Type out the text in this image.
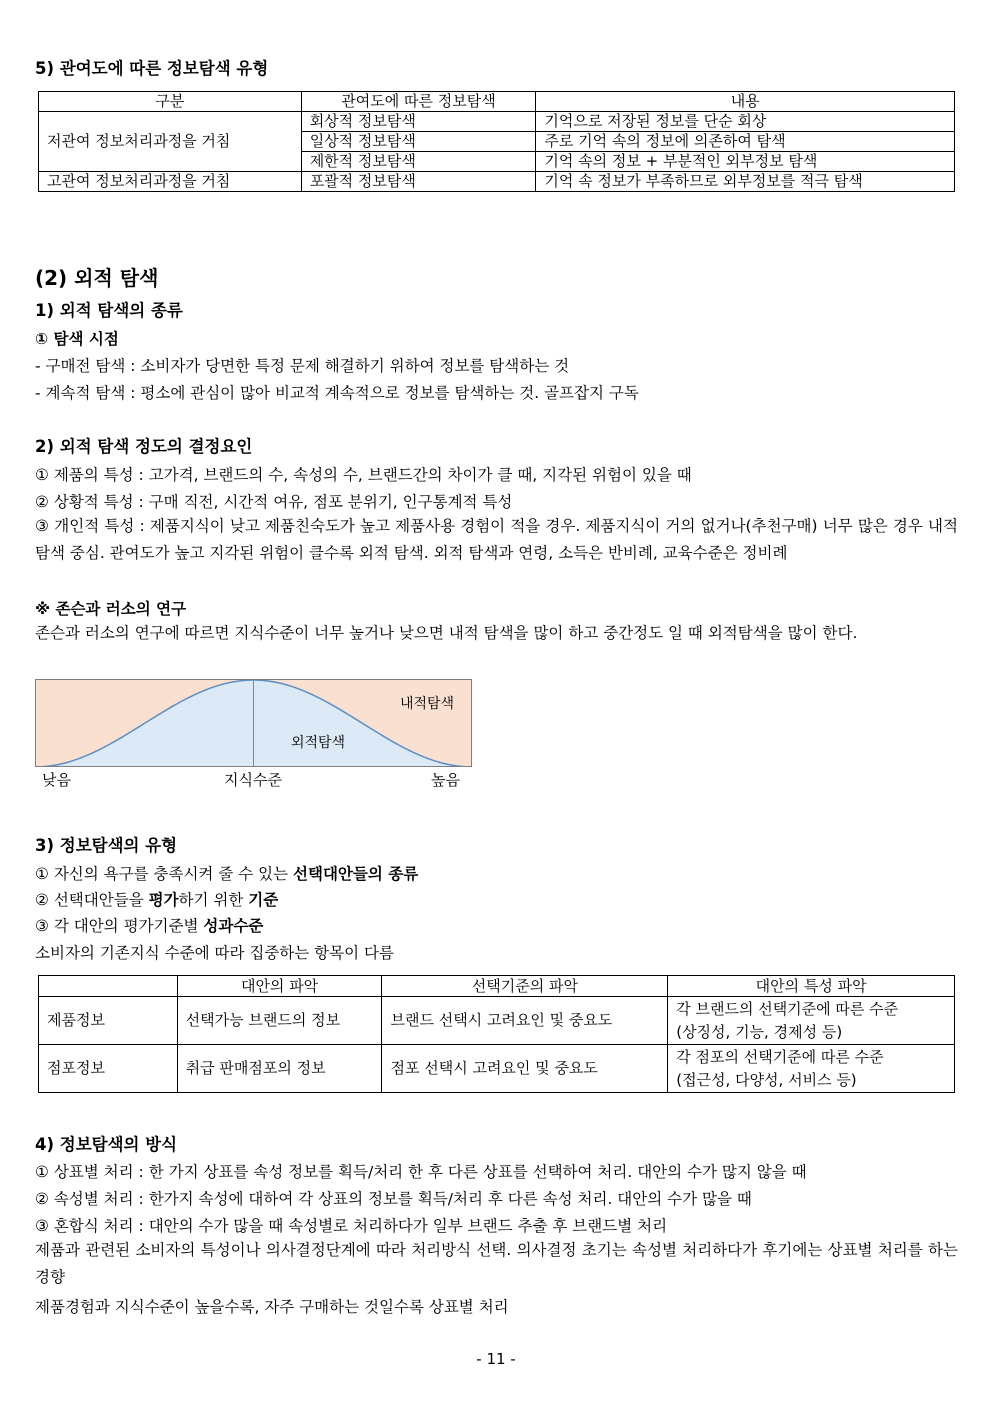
5) 관여도에 따른 정보탐색 유형
구분	관여도에 따른 정보탐색	내용
저관여 정보처리과정을 거침	회상적 정보탐색	기억으로 저장된 정보를 단순 회상
	일상적 정보탐색	주로 기억 속의 정보에 의존하여 탐색
	제한적 정보탐색	기억 속의 정보 + 부분적인 외부정보 탐색
고관여 정보처리과정을 거침	포괄적 정보탐색	기억 속 정보가 부족하므로 외부정보를 적극 탐색
(2) 외적 탐색
1) 외적 탐색의 종류
① 탐색 시점
- 구매전 탐색 : 소비자가 당면한 특정 문제 해결하기 위하여 정보를 탐색하는 것
- 계속적 탐색 : 평소에 관심이 많아 비교적 계속적으로 정보를 탐색하는 것. 골프잡지 구독
2) 외적 탐색 정도의 결정요인
① 제품의 특성 : 고가격, 브랜드의 수, 속성의 수, 브랜드간의 차이가 클 때, 지각된 위험이 있을 때
② 상황적 특성 : 구매 직전, 시간적 여유, 점포 분위기, 인구통계적 특성
③ 개인적 특성 : 제품지식이 낮고 제품친숙도가 높고 제품사용 경험이 적을 경우. 제품지식이 거의 없거나(추천구매) 너무 많은 경우 내적 탐색 중심. 관여도가 높고 지각된 위험이 클수록 외적 탐색. 외적 탐색과 연령, 소득은 반비례, 교육수준은 정비례
※ 존슨과 러소의 연구
존슨과 러소의 연구에 따르면 지식수준이 너무 높거나 낮으면 내적 탐색을 많이 하고 중간정도 일 때 외적탐색을 많이 한다.
내적탐색
외적탐색
낮음	지식수준	높음
3) 정보탐색의 유형
① 자신의 욕구를 충족시켜 줄 수 있는 선택대안들의 종류
② 선택대안들을 평가하기 위한 기준
③ 각 대안의 평가기준별 성과수준
소비자의 기존지식 수준에 따라 집중하는 항목이 다름
	대안의 파악	선택기준의 파악	대안의 특성 파악
제품정보	선택가능 브랜드의 정보	브랜드 선택시 고려요인 및 중요도	각 브랜드의 선택기준에 따른 수준
(상징성, 기능, 경제성 등)

점포정보	취급 판매점포의 정보	점포 선택시 고려요인 및 중요도	각 점포의 선택기준에 따른 수준
(접근성, 다양성, 서비스 등)
4) 정보탐색의 방식
① 상표별 처리 : 한 가지 상표를 속성 정보를 획득/처리 한 후 다른 상표를 선택하여 처리. 대안의 수가 많지 않을 때
② 속성별 처리 : 한가지 속성에 대하여 각 상표의 정보를 획득/처리 후 다른 속성 처리. 대안의 수가 많을 때
③ 혼합식 처리 : 대안의 수가 많을 때 속성별로 처리하다가 일부 브랜드 추출 후 브랜드별 처리
제품과 관련된 소비자의 특성이나 의사결정단계에 따라 처리방식 선택. 의사결정 초기는 속성별 처리하다가 후기에는 상표별 처리를 하는 경향
제품경험과 지식수준이 높을수록, 자주 구매하는 것일수록 상표별 처리
- 11 -
